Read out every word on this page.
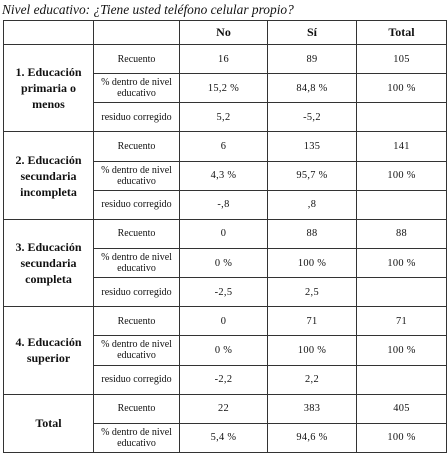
Nivel educativo: ¿Tiene usted teléfono celular propio?
		No	Sí	Total
1. Educación primaria o menos	Recuento	16	89	105
	% dentro de nivel educativo	15,2 %	84,8 %	100 %
	residuo corregido	5,2	-5,2	
2. Educación secundaria incompleta	Recuento	6	135	141
	% dentro de nivel educativo	4,3 %	95,7 %	100 %
	residuo corregido	-,8	,8	
3. Educación secundaria completa	Recuento	0	88	88
	% dentro de nivel educativo	0 %	100 %	100 %
	residuo corregido	-2,5	2,5	
4. Educación superior	Recuento	0	71	71
	% dentro de nivel educativo	0 %	100 %	100 %
	residuo corregido	-2,2	2,2	
Total	Recuento	22	383	405
	% dentro de nivel educativo	5,4 %	94,6 %	100 %
